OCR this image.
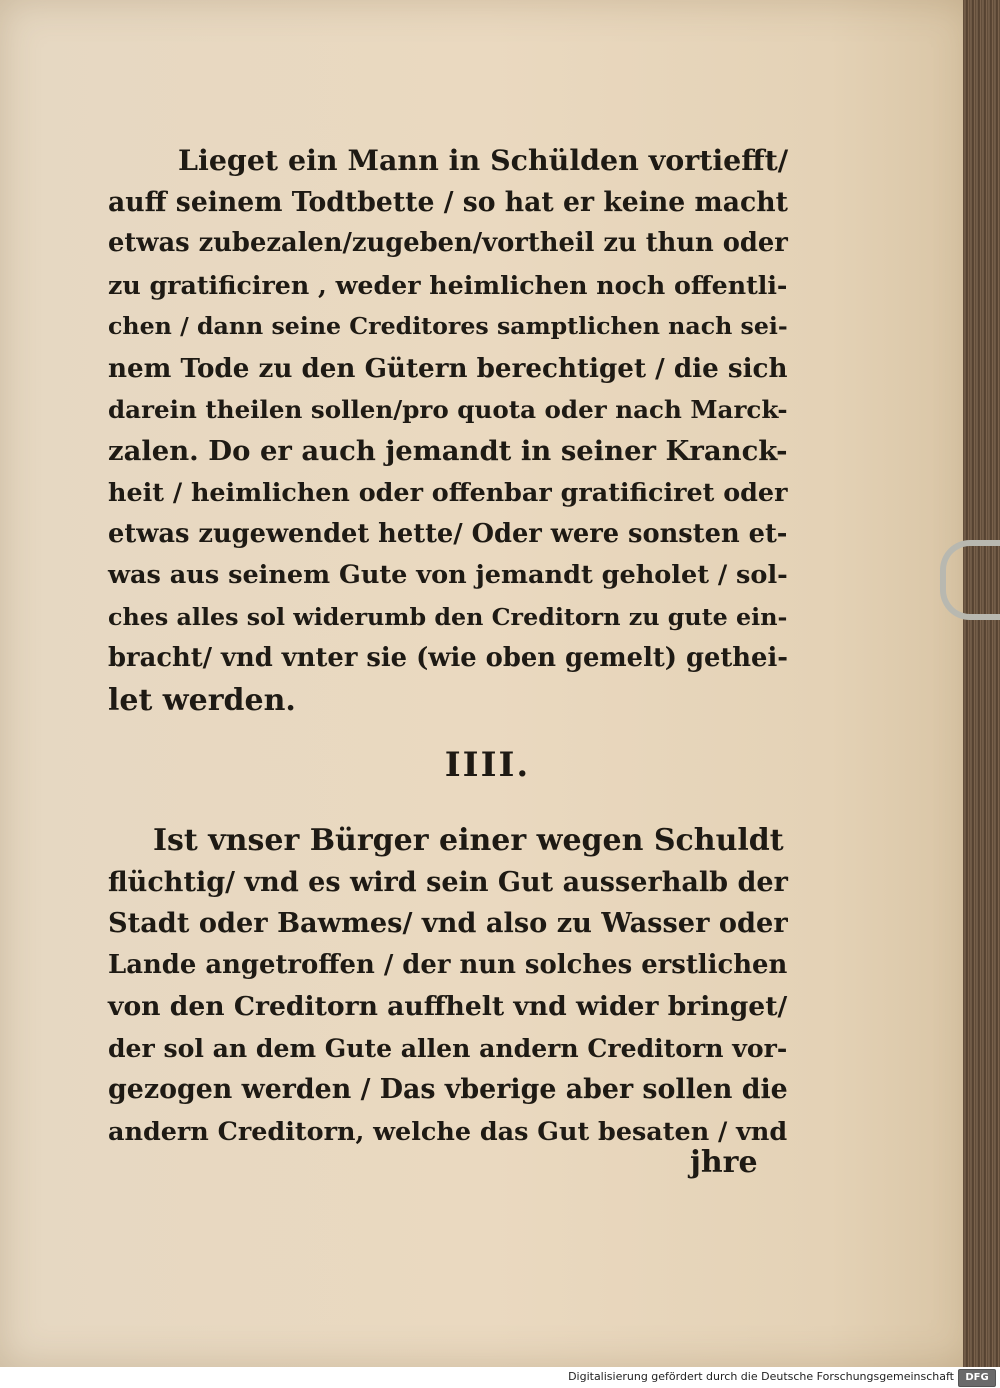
Lieget ein Mann in Schülden vortiefft/
auff seinem Todtbette / so hat er keine macht
etwas zubezalen/zugeben/vortheil zu thun oder
zu gratificiren , weder heimlichen noch offentli-
chen / dann seine Creditores samptlichen nach sei-
nem Tode zu den Gütern berechtiget / die sich
darein theilen sollen/pro quota oder nach Marck-
zalen. Do er auch jemandt in seiner Kranck-
heit / heimlichen oder offenbar gratificiret oder
etwas zugewendet hette/ Oder were sonsten et-
was aus seinem Gute von jemandt geholet / sol-
ches alles sol widerumb den Creditorn zu gute ein-
bracht/ vnd vnter sie (wie oben gemelt) gethei-
let werden.
IIII.
Ist vnser Bürger einer wegen Schuldt
flüchtig/ vnd es wird sein Gut ausserhalb der
Stadt oder Bawmes/ vnd also zu Wasser oder
Lande angetroffen / der nun solches erstlichen
von den Creditorn auffhelt vnd wider bringet/
der sol an dem Gute allen andern Creditorn vor-
gezogen werden / Das vberige aber sollen die
andern Creditorn, welche das Gut besaten / vnd
jhre
Digitalisierung gefördert durch die Deutsche Forschungsgemeinschaft	DFG
